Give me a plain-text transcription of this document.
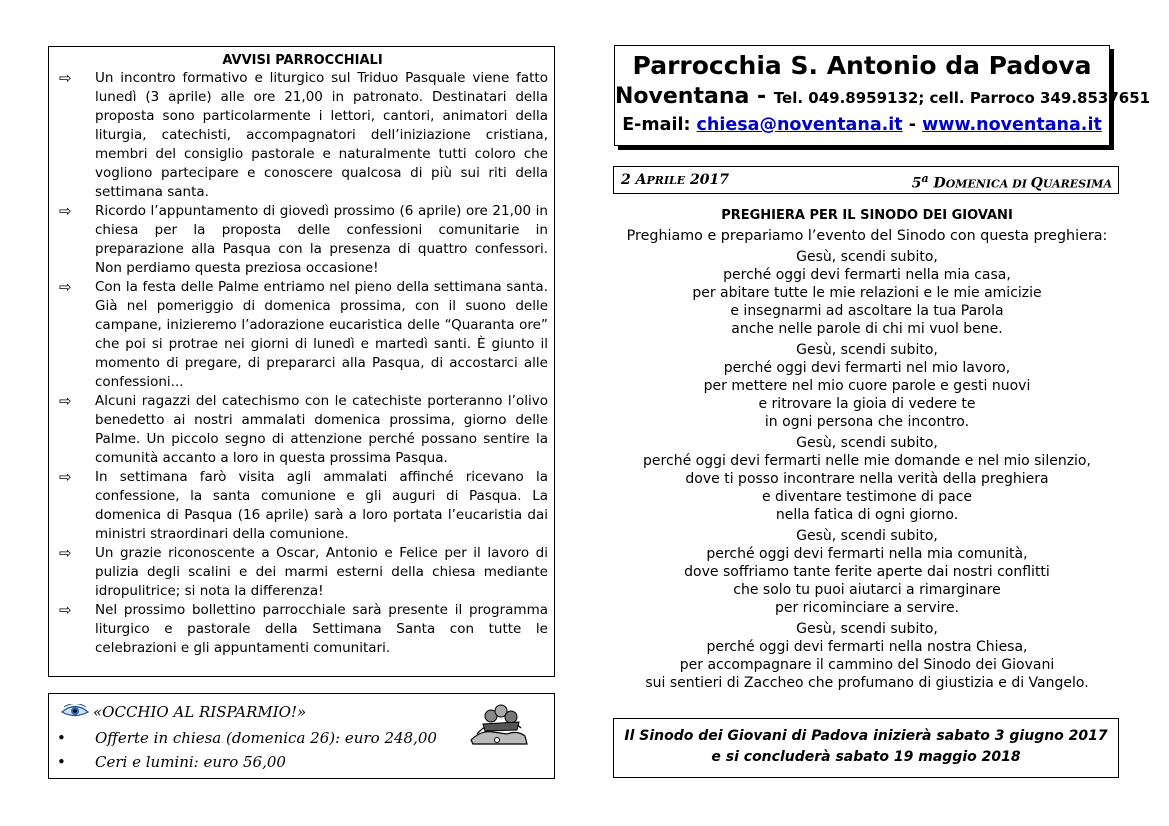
AVVISI PARROCCHIALI
⇨	Un incontro formativo e liturgico sul Triduo Pasquale viene fatto lunedì (3 aprile) alle ore 21,00 in patronato. Destinatari della proposta sono particolarmente i lettori, cantori, animatori della liturgia, catechisti, accompagnatori dell’iniziazione cristiana, membri del consiglio pastorale e naturalmente tutti coloro che vogliono partecipare e conoscere qualcosa di più sui riti della settimana santa.
⇨	Ricordo l’appuntamento di giovedì prossimo (6 aprile) ore 21,00 in chiesa per la proposta delle confessioni comunitarie in preparazione alla Pasqua con la presenza di quattro confessori. Non perdiamo questa preziosa occasione!
⇨	Con la festa delle Palme entriamo nel pieno della settimana santa. Già nel pomeriggio di domenica prossima, con il suono delle campane, inizieremo l’adorazione eucaristica delle “Quaranta ore” che poi si protrae nei giorni di lunedì e martedì santi. È giunto il momento di pregare, di prepararci alla Pasqua, di accostarci alle confessioni...
⇨	Alcuni ragazzi del catechismo con le catechiste porteranno l’olivo benedetto ai nostri ammalati domenica prossima, giorno delle Palme. Un piccolo segno di attenzione perché possano sentire la comunità accanto a loro in questa prossima Pasqua.
⇨	In settimana farò visita agli ammalati affinché ricevano la confessione, la santa comunione e gli auguri di Pasqua. La domenica di Pasqua (16 aprile) sarà a loro portata l’eucaristia dai ministri straordinari della comunione.
⇨	Un grazie riconoscente a Oscar, Antonio e Felice per il lavoro di pulizia degli scalini e dei marmi esterni della chiesa mediante idropulitrice; si nota la differenza!
⇨	Nel prossimo bollettino parrocchiale sarà presente il programma liturgico e pastorale della Settimana Santa con tutte le celebrazioni e gli appuntamenti comunitari.
«OCCHIO AL RISPARMIO!»
• Offerte in chiesa (domenica 26): euro 248,00
• Ceri e lumini: euro 56,00
Parrocchia S. Antonio da Padova
Noventana - Tel. 049.8959132; cell. Parroco 349.8537651
E-mail: chiesa@noventana.it - www.noventana.it
2 APRILE 2017	5$^a$ DOMENICA DI QUARESIMA
PREGHIERA PER IL SINODO DEI GIOVANI
Preghiamo e prepariamo l’evento del Sinodo con questa preghiera:
Gesù, scendi subito,
perché oggi devi fermarti nella mia casa,
per abitare tutte le mie relazioni e le mie amicizie
e insegnarmi ad ascoltare la tua Parola
anche nelle parole di chi mi vuol bene.
Gesù, scendi subito,
perché oggi devi fermarti nel mio lavoro,
per mettere nel mio cuore parole e gesti nuovi
e ritrovare la gioia di vedere te
in ogni persona che incontro.
Gesù, scendi subito,
perché oggi devi fermarti nelle mie domande e nel mio silenzio,
dove ti posso incontrare nella verità della preghiera
e diventare testimone di pace
nella fatica di ogni giorno.
Gesù, scendi subito,
perché oggi devi fermarti nella mia comunità,
dove soffriamo tante ferite aperte dai nostri conflitti
che solo tu puoi aiutarci a rimarginare
per ricominciare a servire.
Gesù, scendi subito,
perché oggi devi fermarti nella nostra Chiesa,
per accompagnare il cammino del Sinodo dei Giovani
sui sentieri di Zaccheo che profumano di giustizia e di Vangelo.
Il Sinodo dei Giovani di Padova inizierà sabato 3 giugno 2017
e si concluderà sabato 19 maggio 2018
